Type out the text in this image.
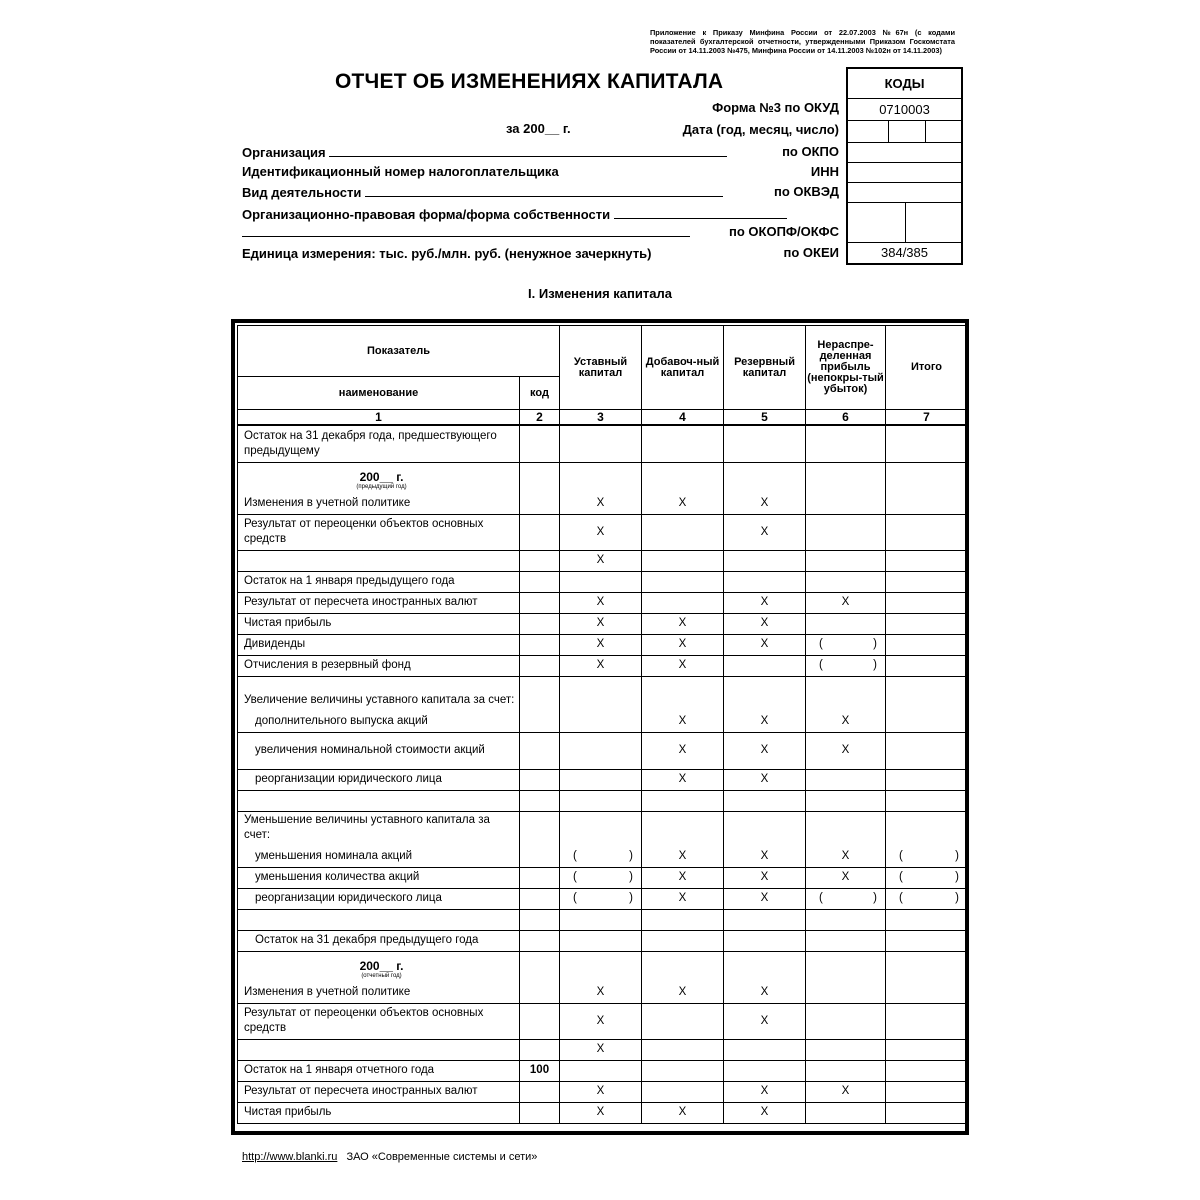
Приложение к Приказу Минфина России от 22.07.2003 №67н (с кодами показателей бухгалтерской отчетности, утвержденными Приказом Госкомстата России от 14.11.2003 №475, Минфина России от 14.11.2003 №102н от 14.11.2003)
ОТЧЕТ ОБ ИЗМЕНЕНИЯХ КАПИТАЛА
Форма №3 по ОКУД
за 200__ г.	Дата (год, месяц, число)
Организация	по ОКПО
Идентификационный номер налогоплательщика	ИНН
Вид деятельности	по ОКВЭД
Организационно-правовая форма/форма собственности
по ОКОПФ/ОКФС
Единица измерения: тыс. руб./млн. руб. (ненужное зачеркнуть)	по ОКЕИ
КОДЫ
0710003
384/385
I. Изменения капитала
Показатель		Уставный капитал	Добавоч-ный капитал	Резервный капитал	Нераспре-деленная прибыль (непокры-тый убыток)	Итого
наименование	код					
1	2	3	4	5	6	7
Остаток на 31 декабря года, предшествующего предыдущему						

200__ г.
(предыдущий год)
Изменения в учетной политике		X	X	X		
Результат от переоценки объектов основных средств		X		X		
		X				
Остаток на 1 января предыдущего года						
Результат от пересчета иностранных валют		X		X	X	
Чистая прибыль		X	X	X		
Дивиденды		X	X	X	( )	

Отчисления в резервный фонд		X	X		( )	

Увеличение величины уставного капитала за счет:
дополнительного выпуска акций			X	X	X	
увеличения номинальной стоимости акций			X	X	X	
реорганизации юридического лица			X	X		

Уменьшение величины уставного капитала за счет:
уменьшения номинала акций		( )	X	X	X	( )

уменьшения количества акций		( )	X	X	X	( )

реорганизации юридического лица		( )	X	X	( )	( )

Остаток на 31 декабря предыдущего года						

200__ г.
(отчетный год)
Изменения в учетной политике		X	X	X		
Результат от переоценки объектов основных средств		X		X		
		X				
Остаток на 1 января отчетного года	100					
Результат от пересчета иностранных валют		X		X	X	
Чистая прибыль		X	X	X		
http://www.blanki.ru ЗАО «Современные системы и сети»
